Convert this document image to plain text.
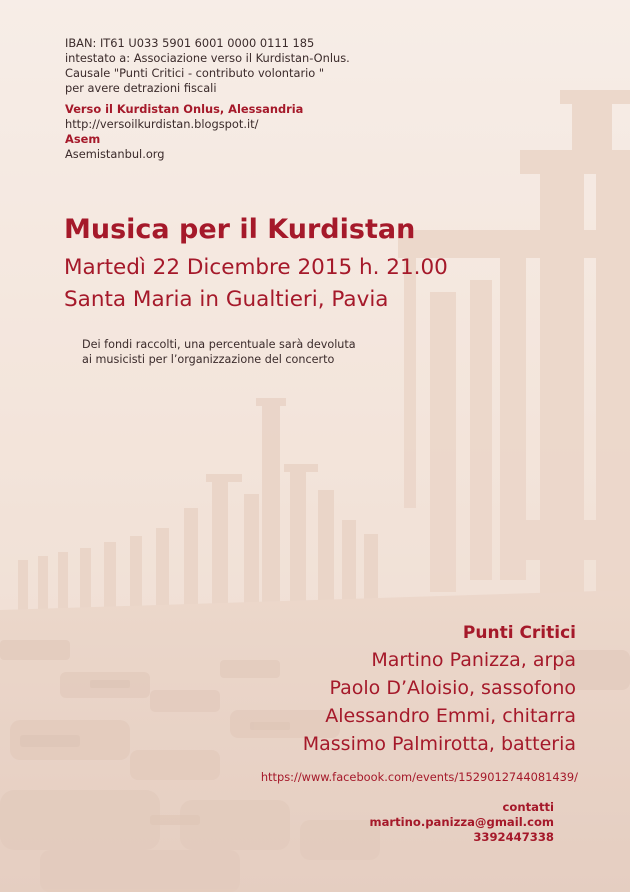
IBAN: IT61 U033 5901 6001 0000 0111 185
intestato a: Associazione verso il Kurdistan-Onlus.
Causale "Punti Critici - contributo volontario "
per avere detrazioni fiscali
Verso il Kurdistan Onlus, Alessandria
http://versoilkurdistan.blogspot.it/
Asem
Asemistanbul.org
Musica per il Kurdistan
Martedì 22 Dicembre 2015 h. 21.00
Santa Maria in Gualtieri, Pavia
Dei fondi raccolti, una percentuale sarà devoluta
ai musicisti per l’organizzazione del concerto
Punti Critici
Martino Panizza, arpa
Paolo D’Aloisio, sassofono
Alessandro Emmi, chitarra
Massimo Palmirotta, batteria
https://www.facebook.com/events/1529012744081439/
contatti
martino.panizza@gmail.com
3392447338
